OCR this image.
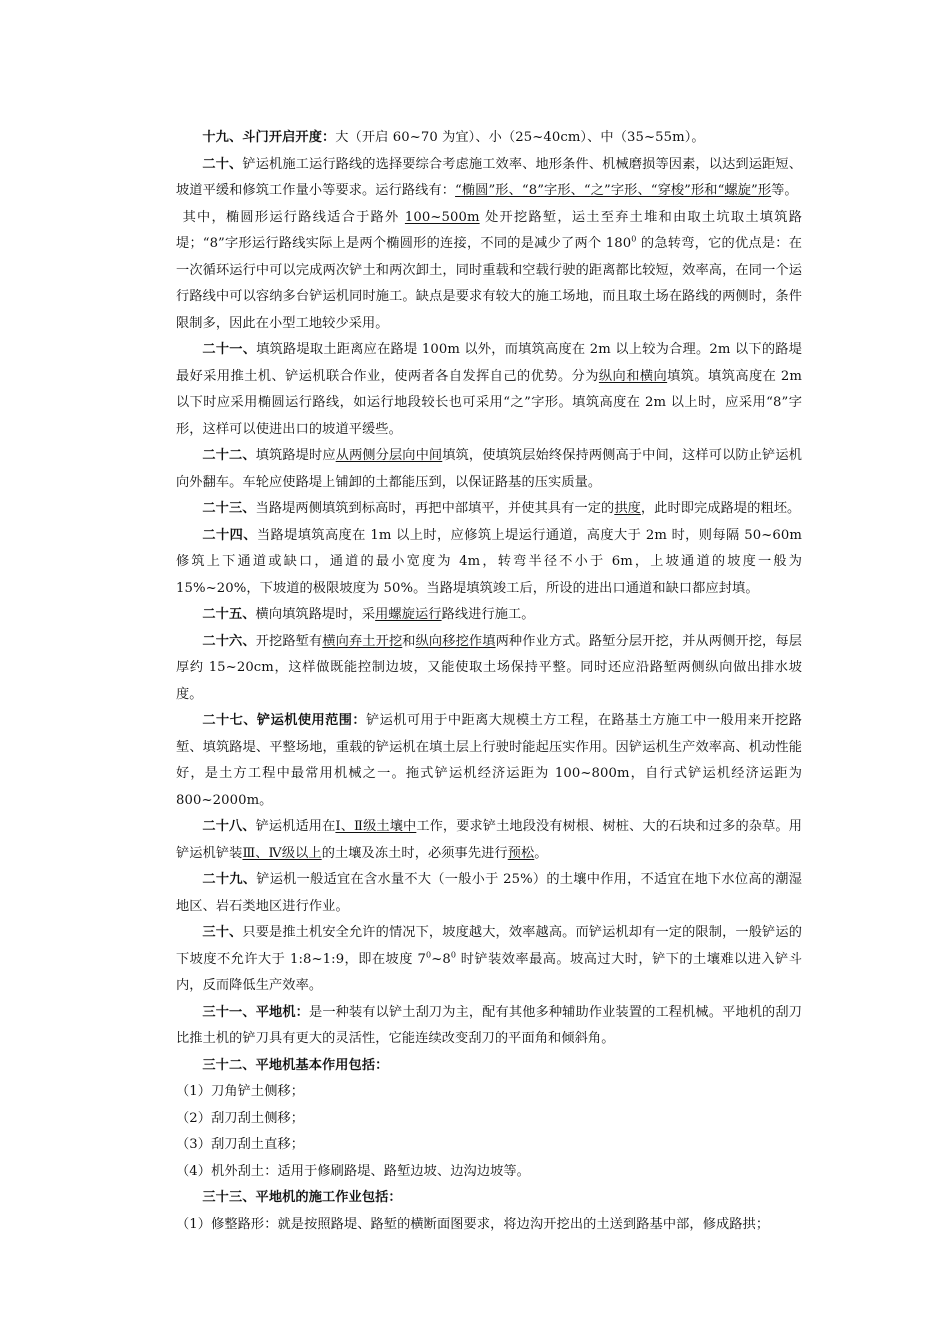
十九、斗门开启开度：大（开启 60~70 为宜）、小（25~40cm）、中（35~55m）。

二十、铲运机施工运行路线的选择要综合考虑施工效率、地形条件、机械磨损等因素，以达到运距短、坡道平缓和修筑工作量小等要求。运行路线有：“椭圆”形、“8”字形、“之”字形、“穿梭”形和“螺旋”形等。

其中，椭圆形运行路线适合于路外 100~500m 处开挖路堑，运土至弃土堆和由取土坑取土填筑路堤；“8”字形运行路线实际上是两个椭圆形的连接，不同的是减少了两个 $180^0$ 的急转弯，它的优点是：在一次循环运行中可以完成两次铲土和两次卸土，同时重载和空载行驶的距离都比较短，效率高，在同一个运行路线中可以容纳多台铲运机同时施工。缺点是要求有较大的施工场地，而且取土场在路线的两侧时，条件限制多，因此在小型工地较少采用。

二十一、填筑路堤取土距离应在路堤 100m 以外，而填筑高度在 2m 以上较为合理。2m 以下的路堤最好采用推土机、铲运机联合作业，使两者各自发挥自己的优势。分为纵向和横向填筑。填筑高度在 2m 以下时应采用椭圆运行路线，如运行地段较长也可采用“之”字形。填筑高度在 2m 以上时，应采用“8”字形，这样可以使进出口的坡道平缓些。

二十二、填筑路堤时应从两侧分层向中间填筑，使填筑层始终保持两侧高于中间，这样可以防止铲运机向外翻车。车轮应使路堤上铺卸的土都能压到，以保证路基的压实质量。

二十三、当路堤两侧填筑到标高时，再把中部填平，并使其具有一定的拱度，此时即完成路堤的粗坯。

二十四、当路堤填筑高度在 1m 以上时，应修筑上堤运行通道，高度大于 2m 时，则每隔 50~60m 修筑上下通道或缺口，通道的最小宽度为 4m，转弯半径不小于 6m，上坡通道的坡度一般为 15%~20%，下坡道的极限坡度为 50%。当路堤填筑竣工后，所设的进出口通道和缺口都应封填。

二十五、横向填筑路堤时，采用螺旋运行路线进行施工。

二十六、开挖路堑有横向弃土开挖和纵向移挖作填两种作业方式。路堑分层开挖，并从两侧开挖，每层厚约 15~20cm，这样做既能控制边坡，又能使取土场保持平整。同时还应沿路堑两侧纵向做出排水坡度。

二十七、铲运机使用范围：铲运机可用于中距离大规模土方工程，在路基土方施工中一般用来开挖路堑、填筑路堤、平整场地，重载的铲运机在填土层上行驶时能起压实作用。因铲运机生产效率高、机动性能好，是土方工程中最常用机械之一。拖式铲运机经济运距为 100~800m，自行式铲运机经济运距为 800~2000m。

二十八、铲运机适用在Ⅰ、Ⅱ级土壤中工作，要求铲土地段没有树根、树桩、大的石块和过多的杂草。用铲运机铲装Ⅲ、Ⅳ级以上的土壤及冻土时，必须事先进行预松。

二十九、铲运机一般适宜在含水量不大（一般小于 25%）的土壤中作用，不适宜在地下水位高的潮湿地区、岩石类地区进行作业。

三十、只要是推土机安全允许的情况下，坡度越大，效率越高。而铲运机却有一定的限制，一般铲运的下坡度不允许大于 1:8~1:9，即在坡度 $7^0\sim 8^0$ 时铲装效率最高。坡高过大时，铲下的土壤难以进入铲斗内，反而降低生产效率。

三十一、平地机：是一种装有以铲土刮刀为主，配有其他多种辅助作业装置的工程机械。平地机的刮刀比推土机的铲刀具有更大的灵活性，它能连续改变刮刀的平面角和倾斜角。

三十二、平地机基本作用包括：

（1）刀角铲土侧移；

（2）刮刀刮土侧移；

（3）刮刀刮土直移；

（4）机外刮土：适用于修刷路堤、路堑边坡、边沟边坡等。

三十三、平地机的施工作业包括：

（1）修整路形：就是按照路堤、路堑的横断面图要求，将边沟开挖出的土送到路基中部，修成路拱；
